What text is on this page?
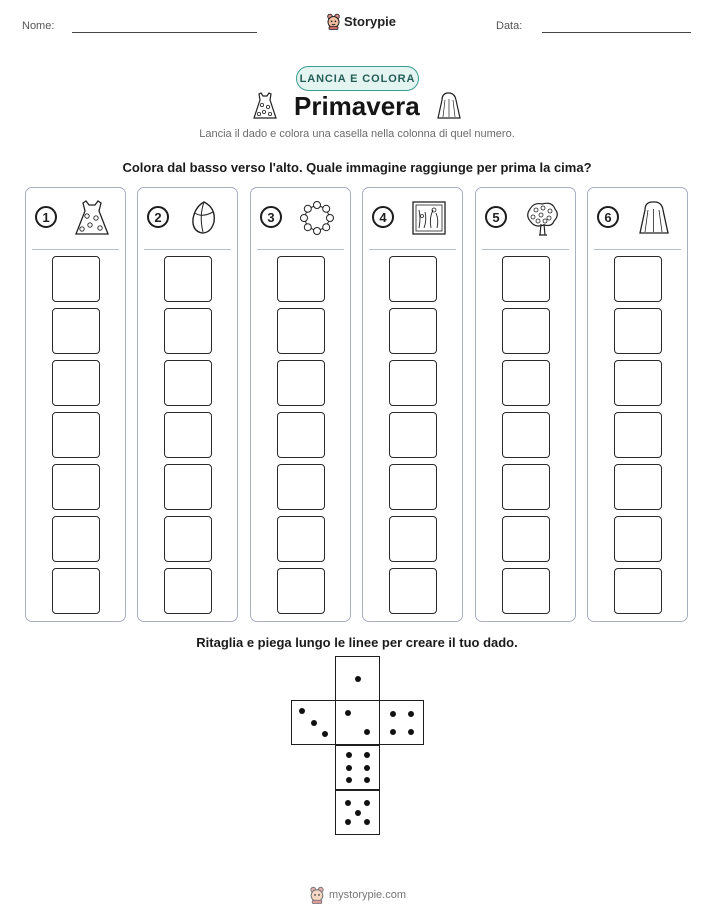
Nome:	Storypie	Data:
LANCIA E COLORA
Primavera
Lancia il dado e colora una casella nella colonna di quel numero.
Colora dal basso verso l'alto. Quale immagine raggiunge per prima la cima?
1	2	3	4	5	6
Ritaglia e piega lungo le linee per creare il tuo dado.
mystorypie.com
